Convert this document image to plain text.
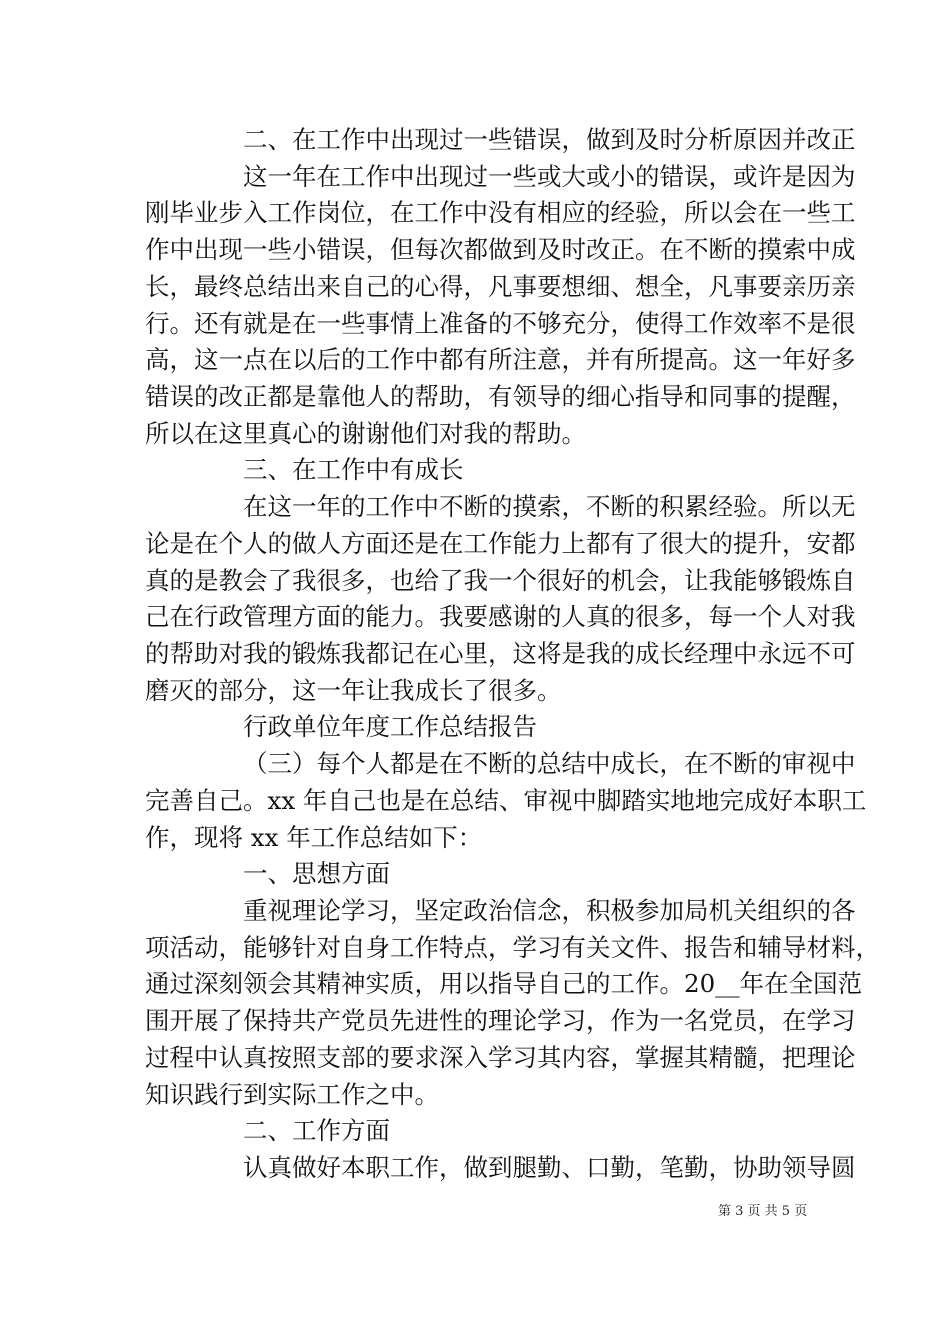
二、在工作中出现过一些错误，做到及时分析原因并改正
这一年在工作中出现过一些或大或小的错误，或许是因为
刚毕业步入工作岗位，在工作中没有相应的经验，所以会在一些工
作中出现一些小错误，但每次都做到及时改正。在不断的摸索中成
长，最终总结出来自己的心得，凡事要想细、想全，凡事要亲历亲
行。还有就是在一些事情上准备的不够充分，使得工作效率不是很
高，这一点在以后的工作中都有所注意，并有所提高。这一年好多
错误的改正都是靠他人的帮助，有领导的细心指导和同事的提醒，
所以在这里真心的谢谢他们对我的帮助。
三、在工作中有成长
在这一年的工作中不断的摸索，不断的积累经验。所以无
论是在个人的做人方面还是在工作能力上都有了很大的提升，安都
真的是教会了我很多，也给了我一个很好的机会，让我能够锻炼自
己在行政管理方面的能力。我要感谢的人真的很多，每一个人对我
的帮助对我的锻炼我都记在心里，这将是我的成长经理中永远不可
磨灭的部分，这一年让我成长了很多。
行政单位年度工作总结报告
（三）每个人都是在不断的总结中成长，在不断的审视中
完善自己。xx 年自己也是在总结、审视中脚踏实地地完成好本职工
作，现将 xx 年工作总结如下：
一、思想方面
重视理论学习，坚定政治信念，积极参加局机关组织的各
项活动，能够针对自身工作特点，学习有关文件、报告和辅导材料，
通过深刻领会其精神实质，用以指导自己的工作。20__年在全国范
围开展了保持共产党员先进性的理论学习，作为一名党员，在学习
过程中认真按照支部的要求深入学习其内容，掌握其精髓，把理论
知识践行到实际工作之中。
二、工作方面
第 3 页 共 5 页
认真做好本职工作，做到腿勤、口勤，笔勤，协助领导圆
